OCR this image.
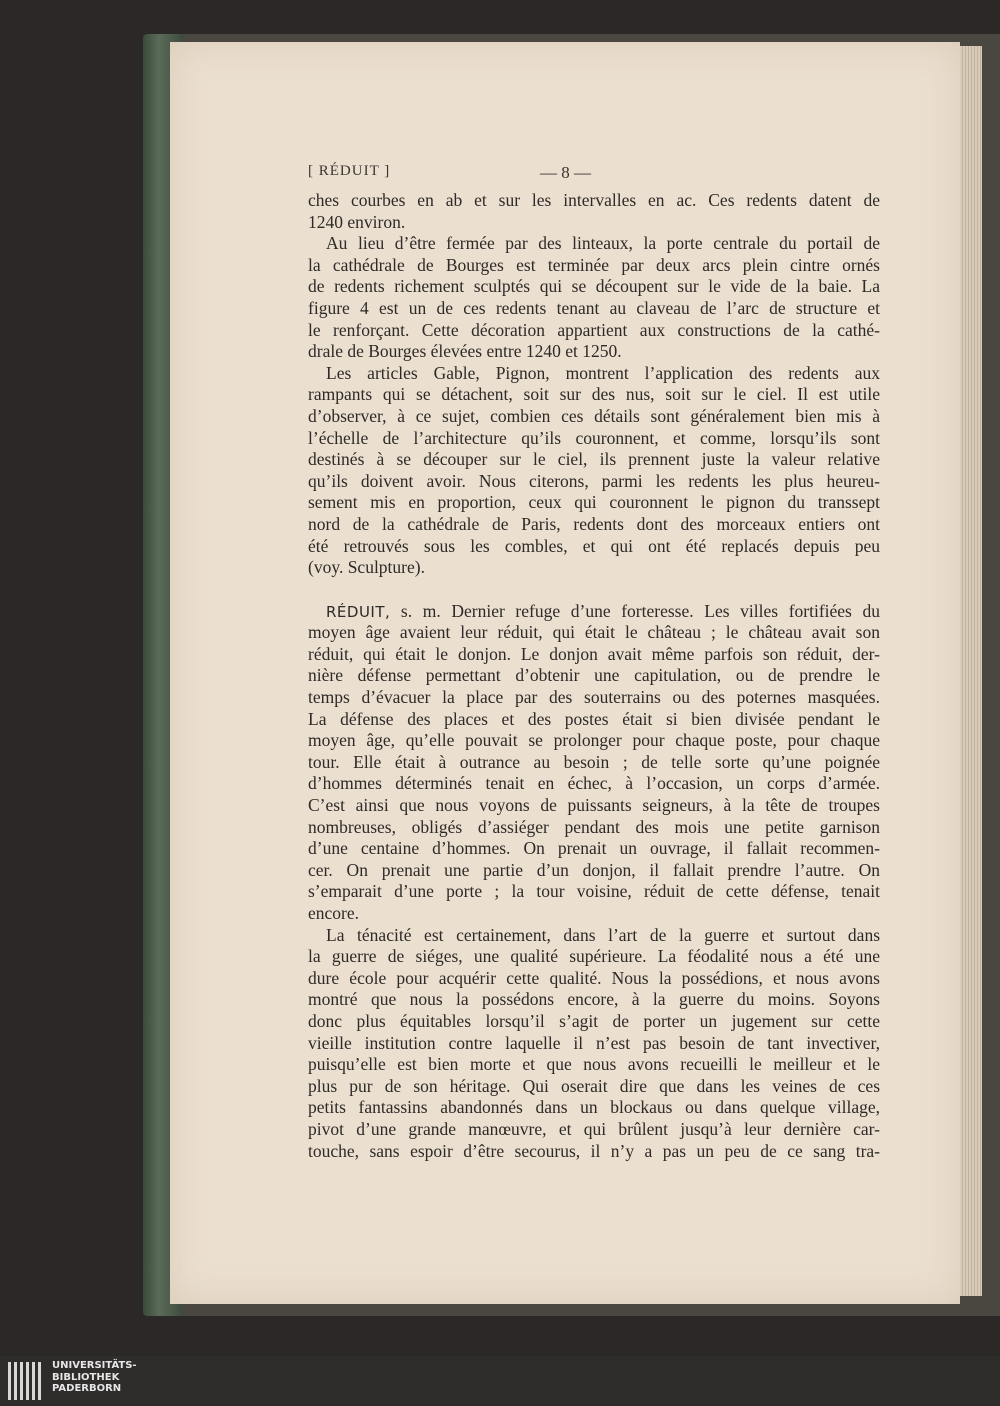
[ RÉDUIT ]	— 8 —
ches courbes en ab et sur les intervalles en ac. Ces redents datent de
1240 environ.
Au lieu d’être fermée par des linteaux, la porte centrale du portail de
la cathédrale de Bourges est terminée par deux arcs plein cintre ornés
de redents richement sculptés qui se découpent sur le vide de la baie. La
figure 4 est un de ces redents tenant au claveau de l’arc de structure et
le renforçant. Cette décoration appartient aux constructions de la cathé-
drale de Bourges élevées entre 1240 et 1250.
Les articles Gable, Pignon, montrent l’application des redents aux
rampants qui se détachent, soit sur des nus, soit sur le ciel. Il est utile
d’observer, à ce sujet, combien ces détails sont généralement bien mis à
l’échelle de l’architecture qu’ils couronnent, et comme, lorsqu’ils sont
destinés à se découper sur le ciel, ils prennent juste la valeur relative
qu’ils doivent avoir. Nous citerons, parmi les redents les plus heureu-
sement mis en proportion, ceux qui couronnent le pignon du transsept
nord de la cathédrale de Paris, redents dont des morceaux entiers ont
été retrouvés sous les combles, et qui ont été replacés depuis peu
(voy. Sculpture).
RÉDUIT, s. m. Dernier refuge d’une forteresse. Les villes fortifiées du
moyen âge avaient leur réduit, qui était le château ; le château avait son
réduit, qui était le donjon. Le donjon avait même parfois son réduit, der-
nière défense permettant d’obtenir une capitulation, ou de prendre le
temps d’évacuer la place par des souterrains ou des poternes masquées.
La défense des places et des postes était si bien divisée pendant le
moyen âge, qu’elle pouvait se prolonger pour chaque poste, pour chaque
tour. Elle était à outrance au besoin ; de telle sorte qu’une poignée
d’hommes déterminés tenait en échec, à l’occasion, un corps d’armée.
C’est ainsi que nous voyons de puissants seigneurs, à la tête de troupes
nombreuses, obligés d’assiéger pendant des mois une petite garnison
d’une centaine d’hommes. On prenait un ouvrage, il fallait recommen-
cer. On prenait une partie d’un donjon, il fallait prendre l’autre. On
s’emparait d’une porte ; la tour voisine, réduit de cette défense, tenait
encore.
La ténacité est certainement, dans l’art de la guerre et surtout dans
la guerre de siéges, une qualité supérieure. La féodalité nous a été une
dure école pour acquérir cette qualité. Nous la possédions, et nous avons
montré que nous la possédons encore, à la guerre du moins. Soyons
donc plus équitables lorsqu’il s’agit de porter un jugement sur cette
vieille institution contre laquelle il n’est pas besoin de tant invectiver,
puisqu’elle est bien morte et que nous avons recueilli le meilleur et le
plus pur de son héritage. Qui oserait dire que dans les veines de ces
petits fantassins abandonnés dans un blockaus ou dans quelque village,
pivot d’une grande manœuvre, et qui brûlent jusqu’à leur dernière car-
touche, sans espoir d’être secourus, il n’y a pas un peu de ce sang tra-
UNIVERSITÄTS-
BIBLIOTHEK
PADERBORN
